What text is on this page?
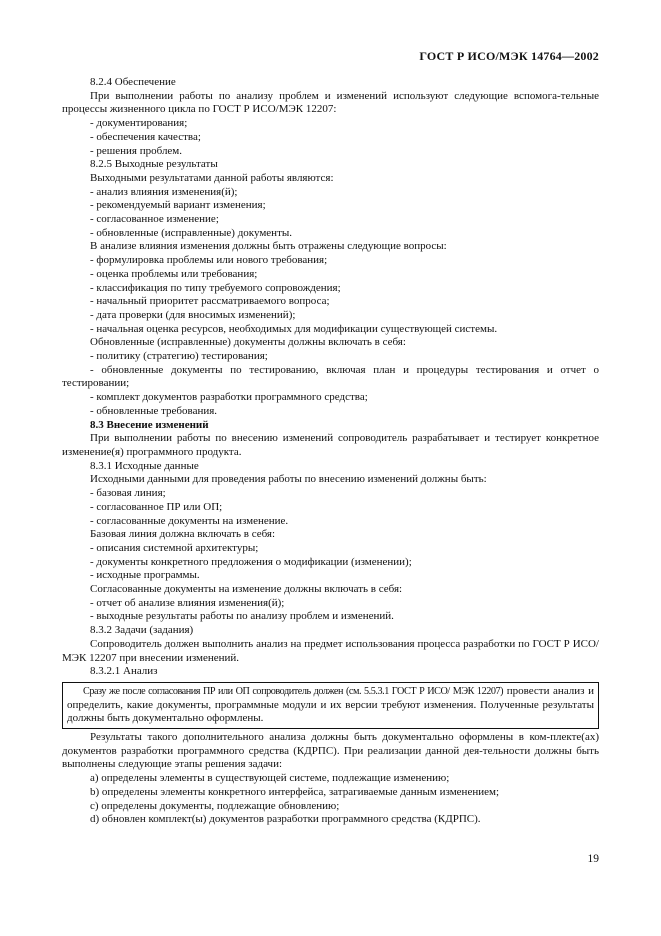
ГОСТ Р ИСО/МЭК 14764—2002

8.2.4 Обеспечение

При выполнении работы по анализу проблем и изменений используют следующие вспомога-тельные процессы жизненного цикла по ГОСТ Р ИСО/МЭК 12207:

- документирования;

- обеспечения качества;

- решения проблем.

8.2.5 Выходные результаты

Выходными результатами данной работы являются:

- анализ влияния изменения(й);

- рекомендуемый вариант изменения;

- согласованное изменение;

- обновленные (исправленные) документы.

В анализе влияния изменения должны быть отражены следующие вопросы:

- формулировка проблемы или нового требования;

- оценка проблемы или требования;

- классификация по типу требуемого сопровождения;

- начальный приоритет рассматриваемого вопроса;

- дата проверки (для вносимых изменений);

- начальная оценка ресурсов, необходимых для модификации существующей системы.

Обновленные (исправленные) документы должны включать в себя:

- политику (стратегию) тестирования;

- обновленные документы по тестированию, включая план и процедуры тестирования и отчет о тестировании;

- комплект документов разработки программного средства;

- обновленные требования.

8.3 Внесение изменений

При выполнении работы по внесению изменений сопроводитель разрабатывает и тестирует конкретное изменение(я) программного продукта.

8.3.1 Исходные данные

Исходными данными для проведения работы по внесению изменений должны быть:

- базовая линия;

- согласованное ПР или ОП;

- согласованные документы на изменение.

Базовая линия должна включать в себя:

- описания системной архитектуры;

- документы конкретного предложения о модификации (изменении);

- исходные программы.

Согласованные документы на изменение должны включать в себя:

- отчет об анализе влияния изменения(й);

- выходные результаты работы по анализу проблем и изменений.

8.3.2 Задачи (задания)

Сопроводитель должен выполнить анализ на предмет использования процесса разработки по ГОСТ Р ИСО/МЭК 12207 при внесении изменений.

8.3.2.1 Анализ

Сразу же после согласования ПР или ОП сопроводитель должен (см. 5.5.3.1 ГОСТ Р ИСО/ МЭК 12207) провести анализ и определить, какие документы, программные модули и их версии требуют изменения. Полученные результаты должны быть документально оформлены.

Результаты такого дополнительного анализа должны быть документально оформлены в ком-плекте(ах) документов разработки программного средства (КДРПС). При реализации данной дея-тельности должны быть выполнены следующие этапы решения задачи:

a) определены элементы в существующей системе, подлежащие изменению;

b) определены элементы конкретного интерфейса, затрагиваемые данным изменением;

c) определены документы, подлежащие обновлению;

d) обновлен комплект(ы) документов разработки программного средства (КДРПС).

19
